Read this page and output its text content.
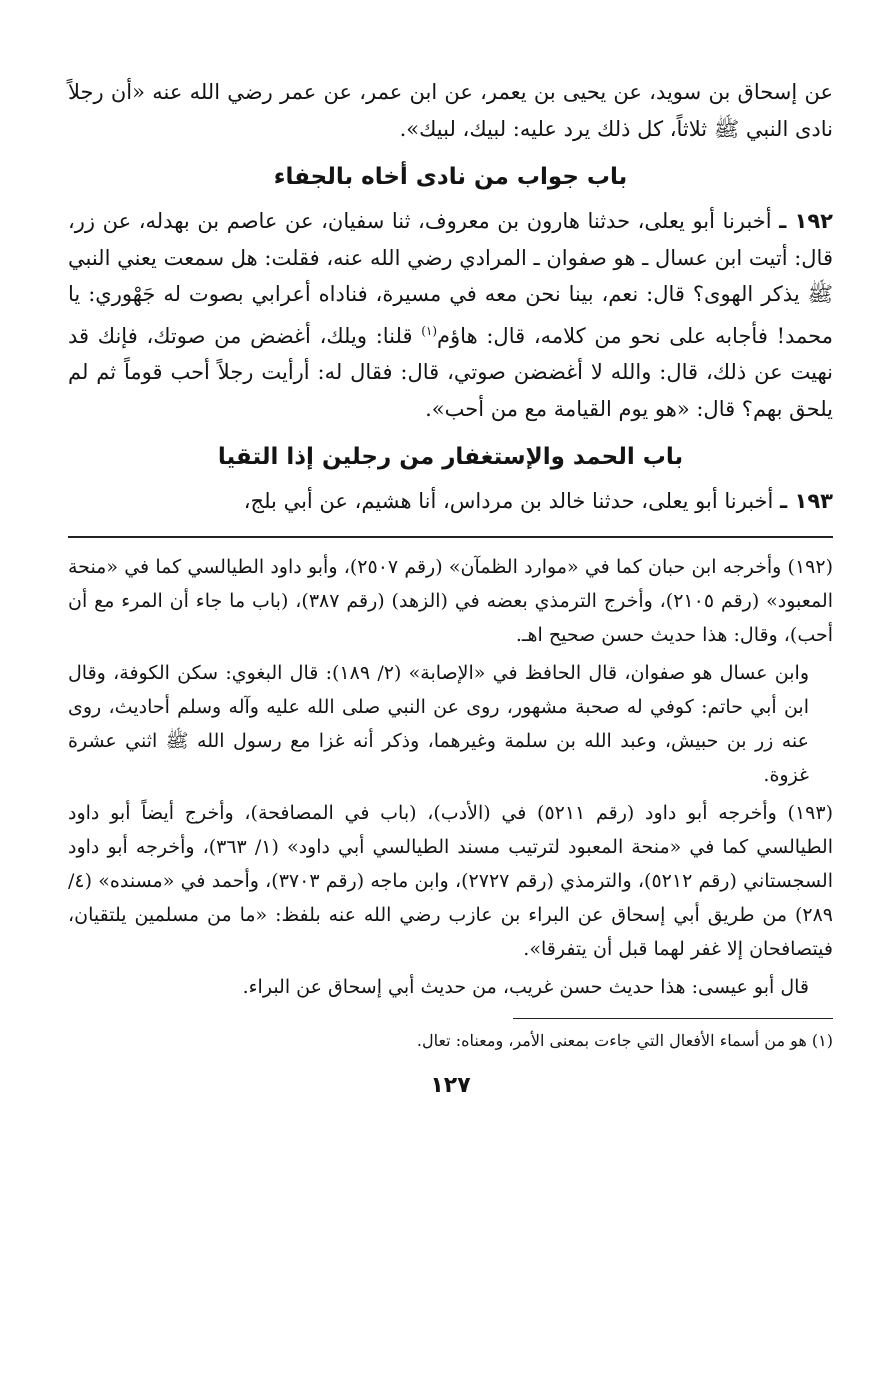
عن إسحاق بن سويد، عن يحيى بن يعمر، عن ابن عمر، عن عمر رضي الله عنه «أن رجلاً نادى النبي ﷺ ثلاثاً، كل ذلك يرد عليه: لبيك، لبيك».

باب جواب من نادى أخاه بالجفاء

١٩٢ ـ أخبرنا أبو يعلى، حدثنا هارون بن معروف، ثنا سفيان، عن عاصم بن بهدله، عن زر، قال: أتيت ابن عسال ـ هو صفوان ـ المرادي رضي الله عنه، فقلت: هل سمعت يعني النبي ﷺ يذكر الهوى؟ قال: نعم، بينا نحن معه في مسيرة، فناداه أعرابي بصوت له جَهْوري: يا محمد! فأجابه على نحو من كلامه، قال: هاؤم$^{(١)}$ قلنا: ويلك، أغضض من صوتك، فإنك قد نهيت عن ذلك، قال: والله لا أغضضن صوتي، قال: فقال له: أرأيت رجلاً أحب قوماً ثم لم يلحق بهم؟ قال: «هو يوم القيامة مع من أحب».

باب الحمد والإستغفار من رجلين إذا التقيا

١٩٣ ـ أخبرنا أبو يعلى، حدثنا خالد بن مرداس، أنا هشيم، عن أبي بلج،

(١٩٢) وأخرجه ابن حبان كما في «موارد الظمآن» (رقم ٢٥٠٧)، وأبو داود الطيالسي كما في «منحة المعبود» (رقم ٢١٠٥)، وأخرج الترمذي بعضه في (الزهد) (رقم ٣٨٧)، (باب ما جاء أن المرء مع أن أحب)، وقال: هذا حديث حسن صحيح اهـ.

وابن عسال هو صفوان، قال الحافظ في «الإصابة» (٢/ ١٨٩): قال البغوي: سكن الكوفة، وقال ابن أبي حاتم: كوفي له صحبة مشهور، روى عن النبي صلى الله عليه وآله وسلم أحاديث، روى عنه زر بن حبيش، وعبد الله بن سلمة وغيرهما، وذكر أنه غزا مع رسول الله ﷺ اثني عشرة غزوة.

(١٩٣) وأخرجه أبو داود (رقم ٥٢١١) في (الأدب)، (باب في المصافحة)، وأخرج أيضاً أبو داود الطيالسي كما في «منحة المعبود لترتيب مسند الطيالسي أبي داود» (١/ ٣٦٣)، وأخرجه أبو داود السجستاني (رقم ٥٢١٢)، والترمذي (رقم ٢٧٢٧)، وابن ماجه (رقم ٣٧٠٣)، وأحمد في «مسنده» (٤/ ٢٨٩) من طريق أبي إسحاق عن البراء بن عازب رضي الله عنه بلفظ: «ما من مسلمين يلتقيان، فيتصافحان إلا غفر لهما قبل أن يتفرقا».

قال أبو عيسى: هذا حديث حسن غريب، من حديث أبي إسحاق عن البراء.

(١) هو من أسماء الأفعال التي جاءت بمعنى الأمر، ومعناه: تعال.

١٢٧
